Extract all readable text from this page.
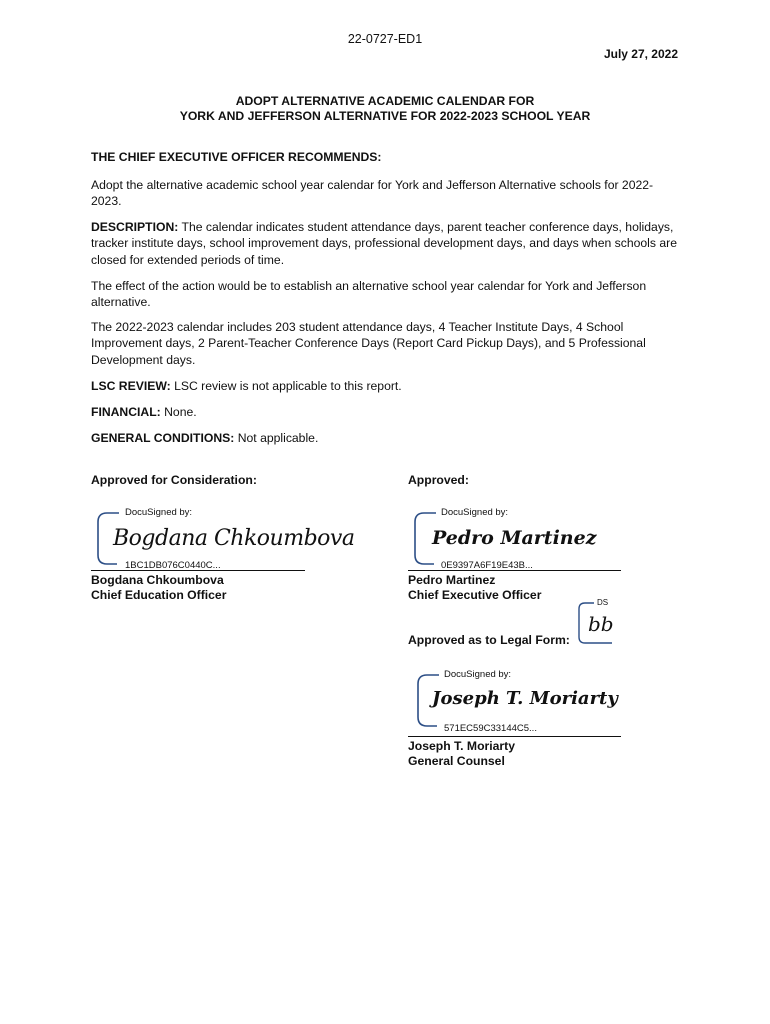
22-0727-ED1
July 27, 2022
ADOPT ALTERNATIVE ACADEMIC CALENDAR FOR
YORK AND JEFFERSON ALTERNATIVE FOR 2022-2023 SCHOOL YEAR
THE CHIEF EXECUTIVE OFFICER RECOMMENDS:
Adopt the alternative academic school year calendar for York and Jefferson Alternative schools for 2022-2023.
DESCRIPTION: The calendar indicates student attendance days, parent teacher conference days, holidays, tracker institute days, school improvement days, professional development days, and days when schools are closed for extended periods of time.
The effect of the action would be to establish an alternative school year calendar for York and Jefferson alternative.
The 2022-2023 calendar includes 203 student attendance days, 4 Teacher Institute Days, 4 School Improvement days, 2 Parent-Teacher Conference Days (Report Card Pickup Days), and 5 Professional Development days.
LSC REVIEW: LSC review is not applicable to this report.
FINANCIAL: None.
GENERAL CONDITIONS: Not applicable.
Approved for Consideration:	Approved:
DocuSigned by:
Bogdana Chkoumbova
1BC1DB076C0440C...
Bogdana Chkoumbova
Chief Education Officer
DocuSigned by:
Pedro Martinez
0E9397A6F19E43B...
Pedro Martinez
Chief Executive Officer
Approved as to Legal Form:
DS
bb
DocuSigned by:
Joseph T. Moriarty
571EC59C33144C5...
Joseph T. Moriarty
General Counsel
